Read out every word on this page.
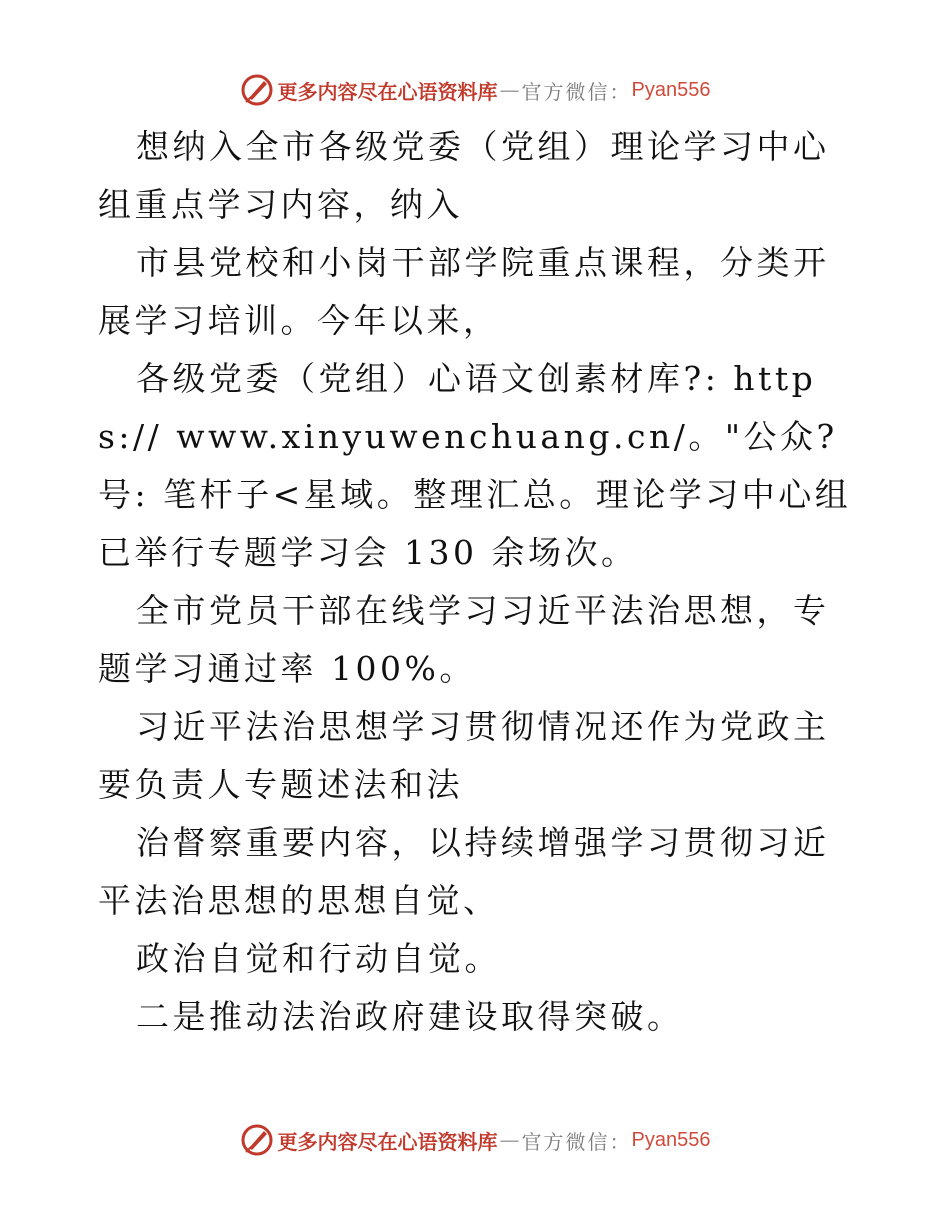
更多内容尽在心语资料库 — 官方微信： Pyan556

想纳入全市各级党委（党组）理论学习中心组重点学习内容，纳入

市县党校和小岗干部学院重点课程，分类开展学习培训。今年以来，

各级党委（党组）心语文创素材库?: https:// www.xinyuwenchuang.cn/。"公众?号: 笔杆子<星域。整理汇总。理论学习中心组已举行专题学习会 130 余场次。

全市党员干部在线学习习近平法治思想，专题学习通过率 100%。

习近平法治思想学习贯彻情况还作为党政主要负责人专题述法和法

治督察重要内容，以持续增强学习贯彻习近平法治思想的思想自觉、

政治自觉和行动自觉。

二是推动法治政府建设取得突破。

更多内容尽在心语资料库 — 官方微信： Pyan556
